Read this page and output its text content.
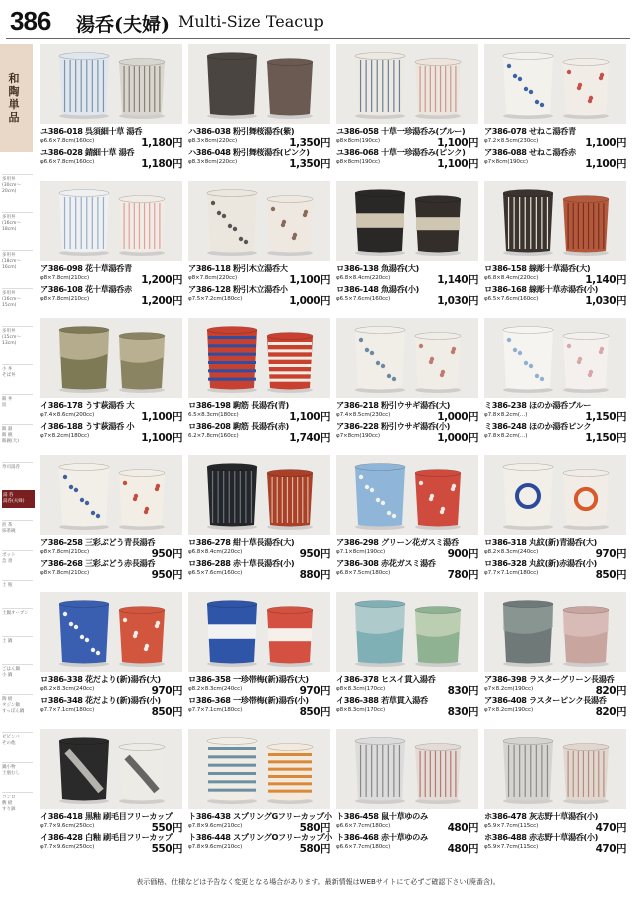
386 湯呑(夫婦) Multi-Size Teacup
和陶単品
多用丼
(30cm〜
20cm)
多用丼
(16cm〜
18cm)
多用丼
(18cm〜
16cm)
多用丼
(16cm〜
15cm)
多用丼
(15cm〜
13cm)
小 丼
そば丼
飯 丼
皿
飯 器
飯 碗
飯碗(大)
寿司湯呑
湯 呑
湯呑(夫婦)
煎 茶
抹茶碗
ポット
急 須
土 瓶
土鍋オーブン
土 鍋
ごはん鍋
小 鍋
陶 板
タジン鍋
すっぽん鍋
ビビンバ
その他
鍋小物
土瓶むし
コンロ
敷 板
すり鉢
ユ386-018 呉須細十草 湯呑
φ6.6×7.8cm(160cc)	1,180円
ユ386-028 錆細十草 湯呑
φ6.6×7.8cm(160cc)	1,180円
ハ386-038 粉引舞桜湯呑(紫)
φ8.3×8cm(220cc)	1,350円
ハ386-048 粉引舞桜湯呑(ピンク)
φ8.3×8cm(220cc)	1,350円
ユ386-058 十草一珍湯呑み(ブルー)
φ8×8cm(190cc)	1,100円
ユ386-068 十草一珍湯呑み(ピンク)
φ8×8cm(190cc)	1,100円
ア386-078 せねこ湯呑青
φ7.2×8.5cm(230cc)	1,100円
ア386-088 せねこ湯呑赤
φ7×8cm(190cc)	1,100円
ア386-098 花十草湯呑青
φ8×7.8cm(210cc)	1,200円
ア386-108 花十草湯呑赤
φ8×7.8cm(210cc)	1,200円
ア386-118 粉引木立湯呑大
φ8×7.8cm(220cc)	1,100円
ア386-128 粉引木立湯呑小
φ7.5×7.2cm(180cc)	1,000円
ロ386-138 魚湯呑(大)
φ6.8×8.4cm(220cc)	1,140円
ロ386-148 魚湯呑(小)
φ6.5×7.6cm(160cc)	1,030円
ロ386-158 線彫十草湯呑(大)
φ6.8×8.4cm(220cc)	1,140円
ロ386-168 線彫十草赤湯呑(小)
φ6.5×7.6cm(160cc)	1,030円
イ386-178 うす萩湯呑 大
φ7.4×8.6cm(200cc)	1,100円
イ386-188 うす萩湯呑 小
φ7×8.2cm(180cc)	1,100円
ロ386-198 駒筋 長湯呑(青)
6.5×8.3cm(180cc)	1,100円
ロ386-208 駒筋 長湯呑(赤)
6.2×7.8cm(160cc)	1,740円
ア386-218 粉引ウサギ湯呑(大)
φ7.4×8.5cm(230cc)	1,000円
ア386-228 粉引ウサギ湯呑(小)
φ7×8cm(190cc)	1,000円
ミ386-238 ほのか湯呑ブルー
φ7.8×8.2cm(…)	1,150円
ミ386-248 ほのか湯呑ピンク
φ7.8×8.2cm(…)	1,150円
ア386-258 三彩ぶどう青長湯呑
φ8×7.8cm(210cc)	950円
ア386-268 三彩ぶどう赤長湯呑
φ8×7.8cm(210cc)	950円
ロ386-278 紺十草長湯呑(大)
φ6.8×8.4cm(220cc)	950円
ロ386-288 赤十草長湯呑(小)
φ6.5×7.6cm(160cc)	880円
ア386-298 グリーン花ガスミ湯呑
φ7.1×8cm(190cc)	900円
ア386-308 赤花ガスミ湯呑
φ6.8×7.5cm(180cc)	780円
ロ386-318 丸紋(新)青湯呑(大)
φ8.2×8.3cm(240cc)	970円
ロ386-328 丸紋(新)赤湯呑(小)
φ7.7×7.1cm(180cc)	850円
ロ386-338 花だより(新)湯呑(大)
φ8.2×8.3cm(240cc)	970円
ロ386-348 花だより(新)湯呑(小)
φ7.7×7.1cm(180cc)	850円
ロ386-358 一珍帯梅(新)湯呑(大)
φ8.2×8.3cm(240cc)	970円
ロ386-368 一珍帯梅(新)湯呑(小)
φ7.7×7.1cm(180cc)	850円
イ386-378 ヒスイ貫入湯呑
φ8×8.3cm(170cc)	830円
イ386-388 若草貫入湯呑
φ8×8.3cm(170cc)	830円
ア386-398 ラスターグリーン長湯呑
φ7×8.2cm(190cc)	820円
ア386-408 ラスターピンク長湯呑
φ7×8.2cm(190cc)	820円
イ386-418 黒釉 刷毛目フリーカップ
φ7.7×9.6cm(250cc)	550円
イ386-428 白釉 刷毛目フリーカップ
φ7.7×9.6cm(250cc)	550円
ト386-438 スプリングGフリーカップ小
φ7.8×9.6cm(210cc)	580円
ト386-448 スプリングOフリーカップ小
φ7.8×9.6cm(210cc)	580円
ト386-458 鼠十草ゆのみ
φ6.6×7.7cm(180cc)	480円
ト386-468 赤十草ゆのみ
φ6.6×7.7cm(180cc)	480円
ホ386-478 灰志野十草湯呑(小)
φ5.9×7.7cm(115cc)	470円
ホ386-488 赤志野十草湯呑(小)
φ5.9×7.7cm(115cc)	470円
表示価格、仕様などは予告なく変更となる場合があります。最新情報はWEBサイトにて必ずご確認下さい(廃番含)。
